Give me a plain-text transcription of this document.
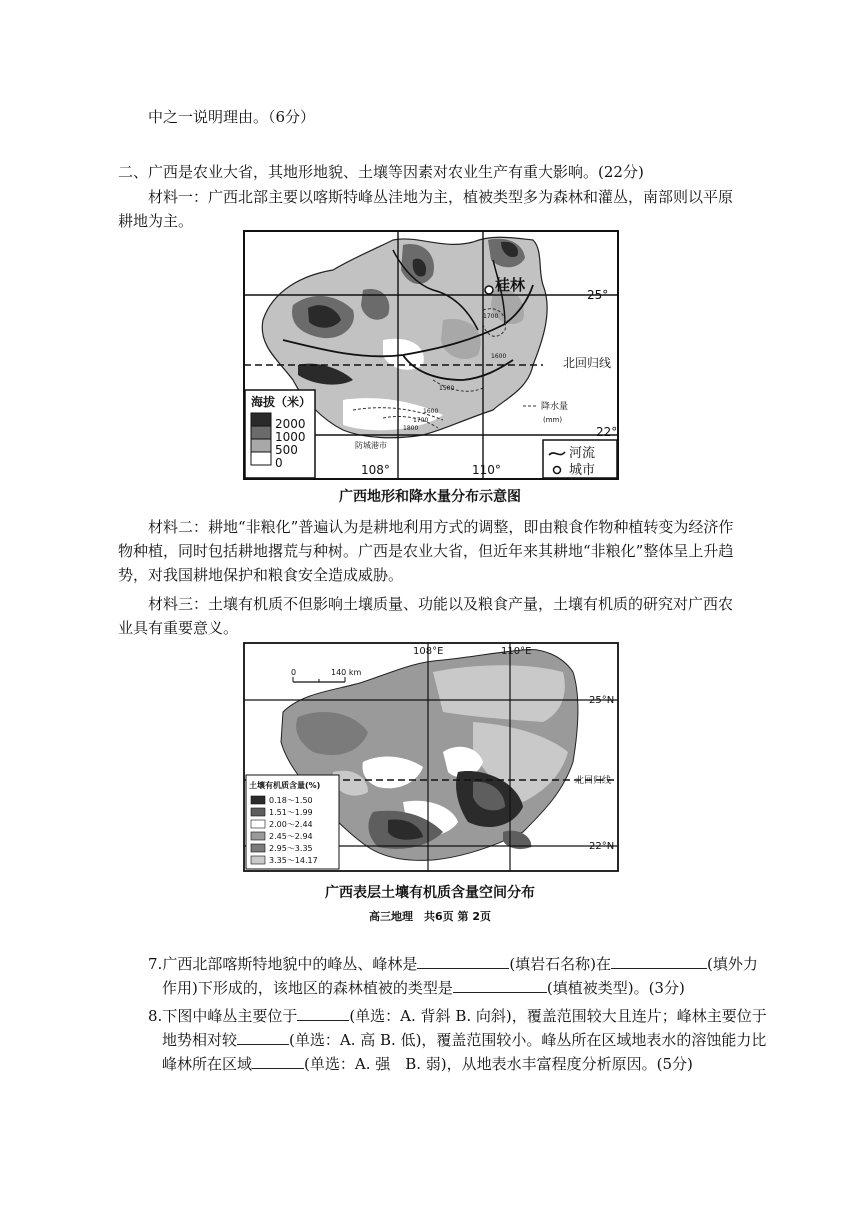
中之一说明理由。（6分）

二、广西是农业大省，其地形地貌、土壤等因素对农业生产有重大影响。(22分)

材料一：广西北部主要以喀斯特峰丛洼地为主，植被类型多为森林和灌丛，南部则以平原耕地为主。

1700
1600
1500
1600
1700
1800
桂林
25°
北回归线
22°
108°	110°
防城港市
降水量
(mm)
海拔（米）
2000
1000
500
0
河流
城市
广西地形和降水量分布示意图

材料二：耕地“非粮化”普遍认为是耕地利用方式的调整，即由粮食作物种植转变为经济作物种植，同时包括耕地撂荒与种树。广西是农业大省，但近年来其耕地“非粮化”整体呈上升趋势，对我国耕地保护和粮食安全造成威胁。

材料三：土壤有机质不但影响土壤质量、功能以及粮食产量，土壤有机质的研究对广西农业具有重要意义。

108°E	110°E
25°N
北回归线
22°N
0	140 km
土壤有机质含量(%)
0.18～1.50
1.51～1.99
2.00～2.44
2.45～2.94
2.95～3.35
3.35～14.17
广西表层土壤有机质含量空间分布
高三地理　共6页 第 2页

7.广西北部喀斯特地貌中的峰丛、峰林是	(填岩石名称)在	(填外力作用)下形成的，该地区的森林植被的类型是	(填植被类型)。(3分)

8.下图中峰丛主要位于	(单选：A. 背斜 B. 向斜)，覆盖范围较大且连片；峰林主要位于地势相对较	(单选：A. 高 B. 低)，覆盖范围较小。峰丛所在区域地表水的溶蚀能力比峰林所在区域	(单选：A. 强　B. 弱)，从地表水丰富程度分析原因。(5分)
